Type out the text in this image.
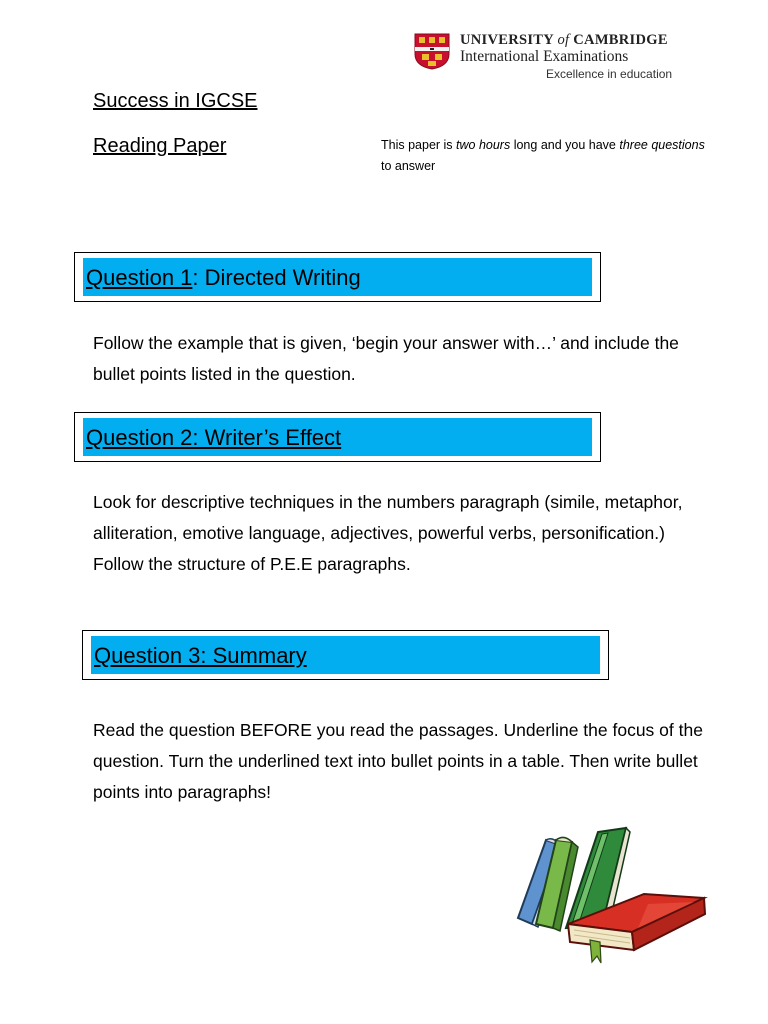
UNIVERSITY of CAMBRIDGE
International Examinations
Excellence in education
Success in IGCSE
Reading Paper	This paper is two hours long and you have three questions to answer
Question 1: Directed Writing
Follow the example that is given, ‘begin your answer with…’ and include the bullet points listed in the question.
Question 2: Writer’s Effect
Look for descriptive techniques in the numbers paragraph (simile, metaphor, alliteration, emotive language, adjectives, powerful verbs, personification.) Follow the structure of P.E.E paragraphs.
Question 3: Summary
Read the question BEFORE you read the passages. Underline the focus of the question. Turn the underlined text into bullet points in a table. Then write bullet points into paragraphs!
